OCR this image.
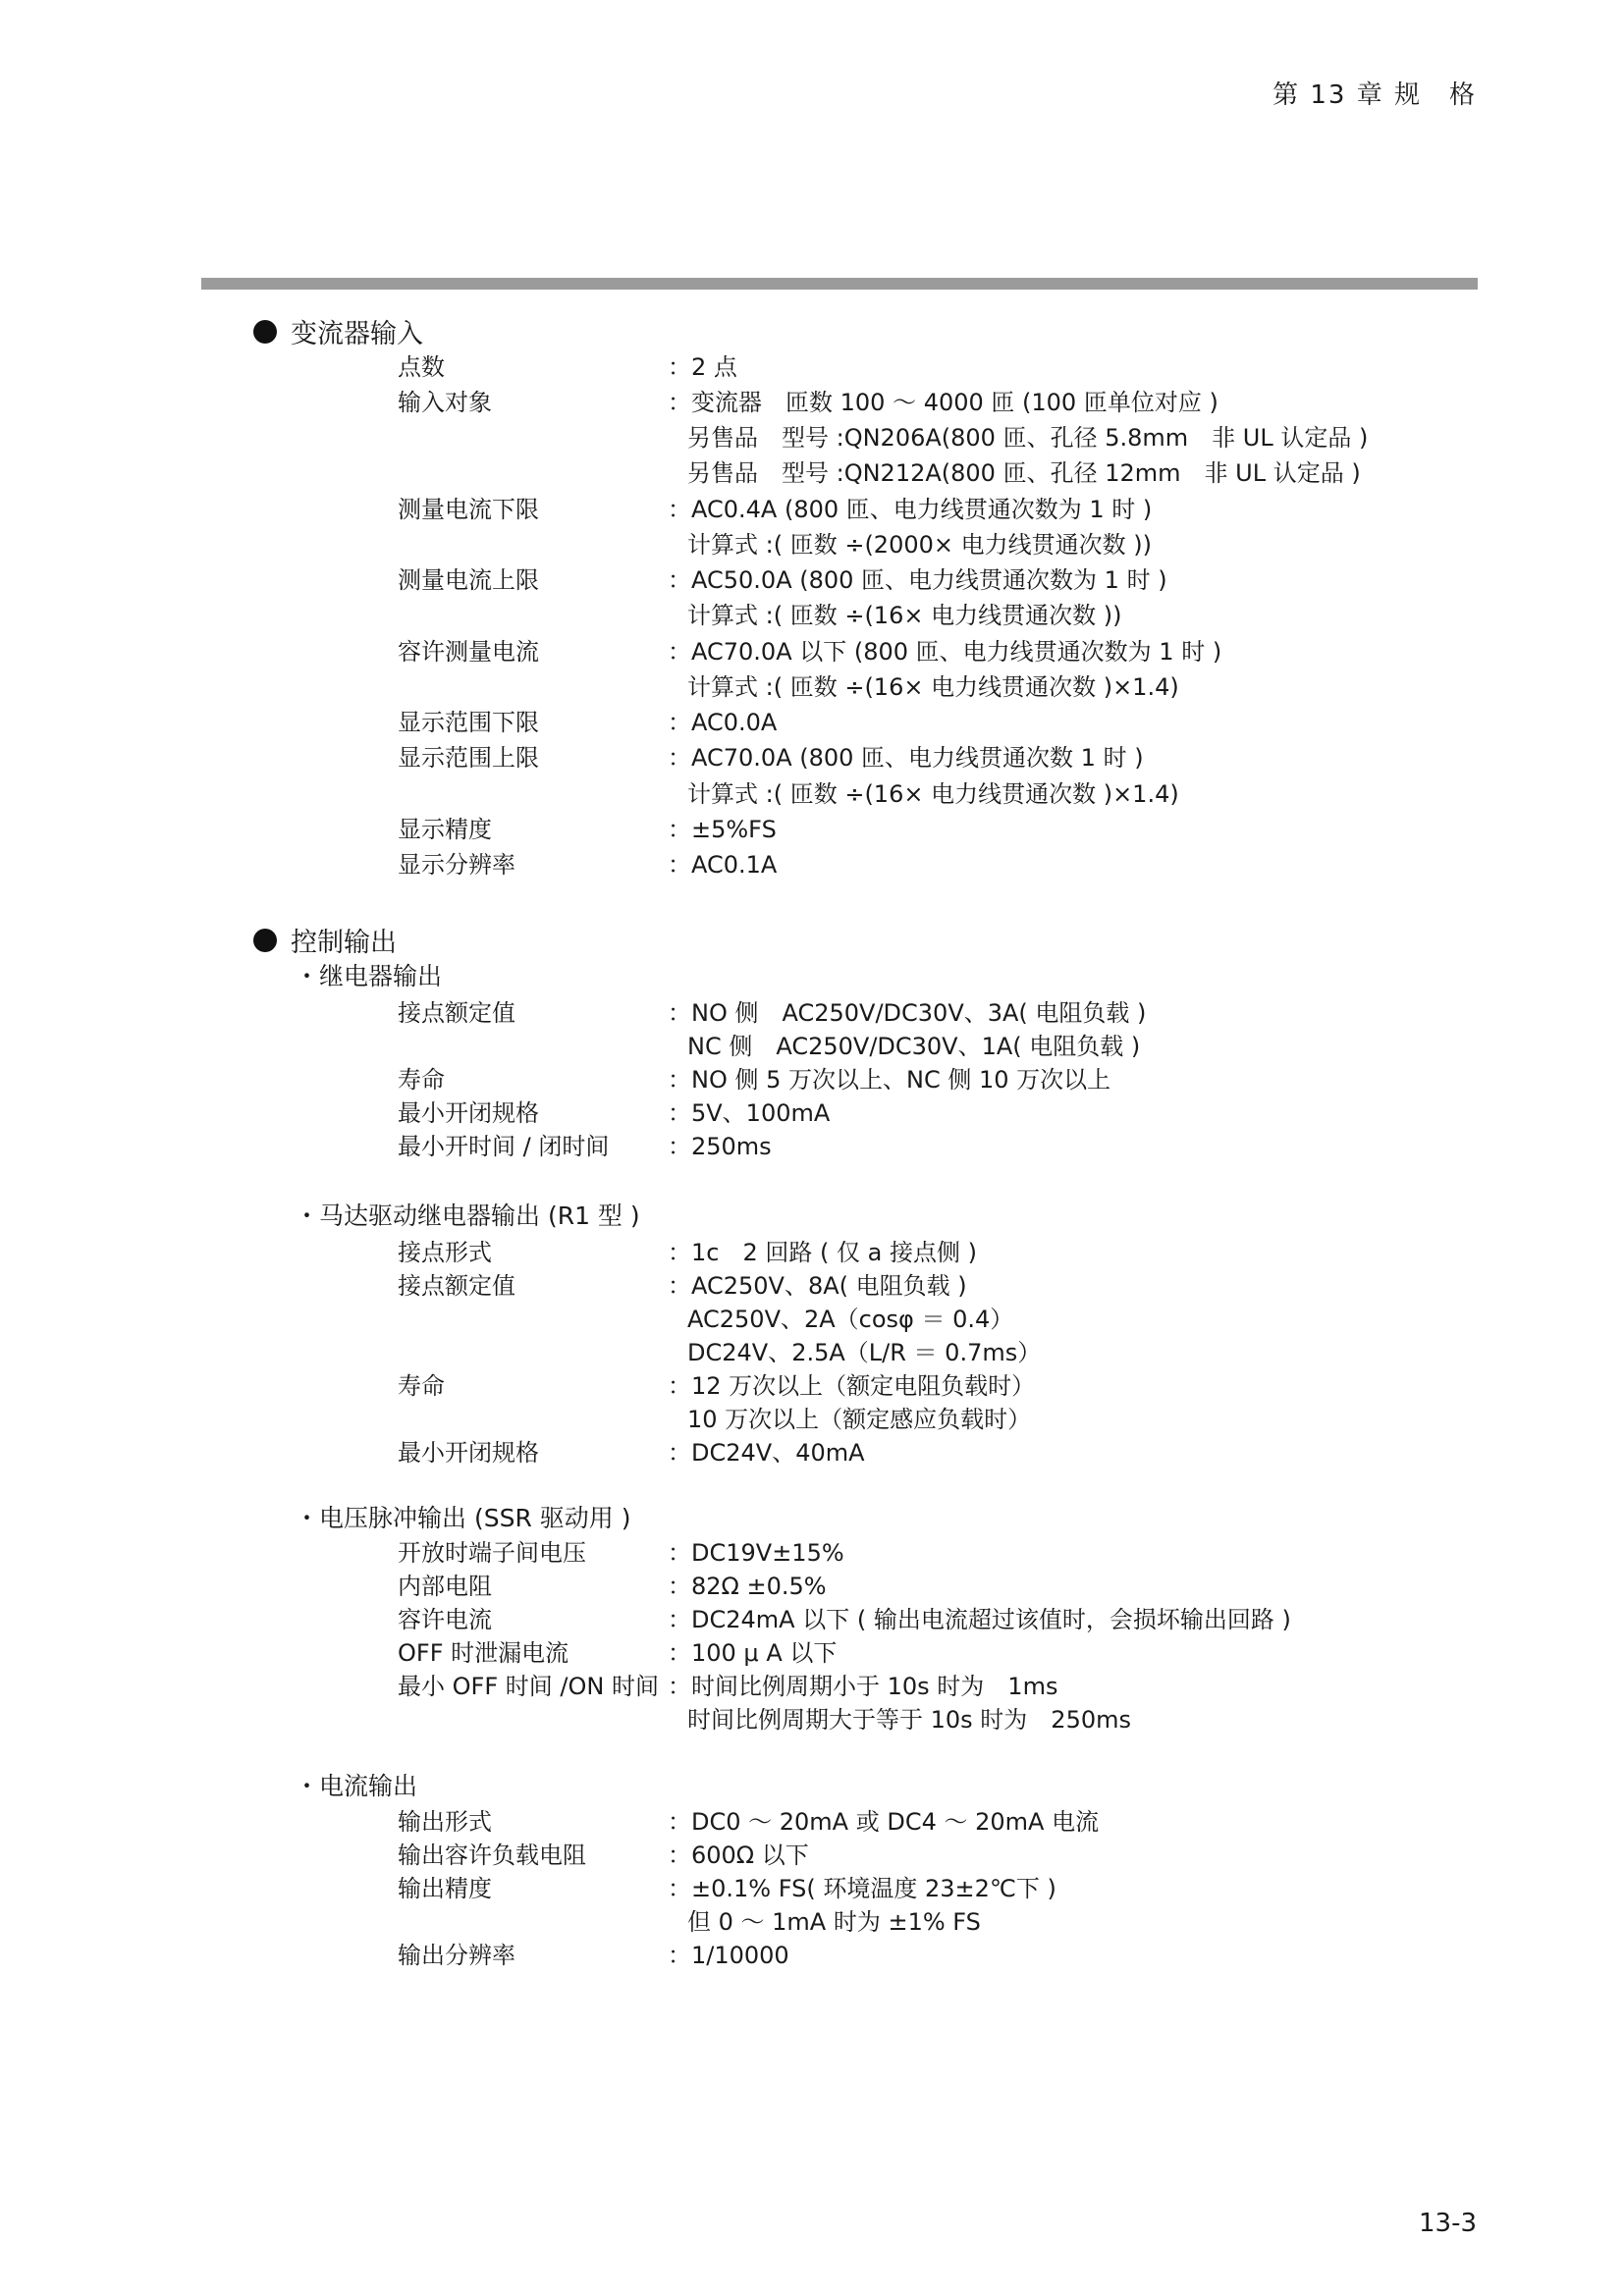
第 13 章 规　格
变流器输入
点数	：2 点
输入对象	：变流器　匝数 100 ～ 4000 匝 (100 匝单位对应 )
另售品　型号 :QN206A(800 匝、孔径 5.8mm　非 UL 认定品 )
另售品　型号 :QN212A(800 匝、孔径 12mm　非 UL 认定品 )
测量电流下限	：AC0.4A (800 匝、电力线贯通次数为 1 时 )
计算式 :( 匝数 ÷(2000× 电力线贯通次数 ))
测量电流上限	：AC50.0A (800 匝、电力线贯通次数为 1 时 )
计算式 :( 匝数 ÷(16× 电力线贯通次数 ))
容许测量电流	：AC70.0A 以下 (800 匝、电力线贯通次数为 1 时 )
计算式 :( 匝数 ÷(16× 电力线贯通次数 )×1.4)
显示范围下限	：AC0.0A
显示范围上限	：AC70.0A (800 匝、电力线贯通次数 1 时 )
计算式 :( 匝数 ÷(16× 电力线贯通次数 )×1.4)
显示精度	：±5%FS
显示分辨率	：AC0.1A
控制输出
・继电器输出
接点额定值	：NO 侧　AC250V/DC30V、3A( 电阻负载 )
NC 侧　AC250V/DC30V、1A( 电阻负载 )
寿命	：NO 侧 5 万次以上、NC 侧 10 万次以上
最小开闭规格	：5V、100mA
最小开时间 / 闭时间 ：250ms
・马达驱动继电器输出 (R1 型 )
接点形式	：1c　2 回路 ( 仅 a 接点侧 )
接点额定值	：AC250V、8A( 电阻负载 )
AC250V、2A（cosφ ＝ 0.4）
DC24V、2.5A（L/R ＝ 0.7ms）
寿命	：12 万次以上（额定电阻负载时）
10 万次以上（额定感应负载时）
最小开闭规格	：DC24V、40mA
・电压脉冲输出 (SSR 驱动用 )
开放时端子间电压	：DC19V±15%
内部电阻	：82Ω ±0.5%
容许电流	：DC24mA 以下 ( 输出电流超过该值时，会损坏输出回路 )
OFF 时泄漏电流	：100 μ A 以下
最小 OFF 时间 /ON 时间 ：时间比例周期小于 10s 时为　1ms
时间比例周期大于等于 10s 时为　250ms
・电流输出
输出形式	：DC0 ～ 20mA 或 DC4 ～ 20mA 电流
输出容许负载电阻	：600Ω 以下
输出精度	：±0.1% FS( 环境温度 23±2℃下 )
但 0 ～ 1mA 时为 ±1% FS
输出分辨率	：1/10000
13-3
